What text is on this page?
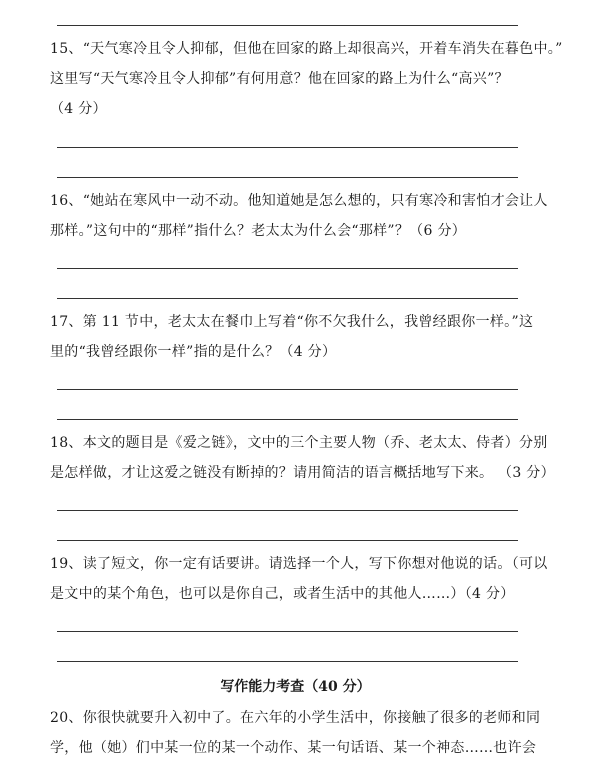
15、“天气寒冷且令人抑郁，但他在回家的路上却很高兴，开着车消失在暮色中。”
这里写“天气寒冷且令人抑郁”有何用意？他在回家的路上为什么“高兴”？
（4 分）
16、“她站在寒风中一动不动。他知道她是怎么想的，只有寒冷和害怕才会让人
那样。”这句中的“那样”指什么？老太太为什么会“那样”？（6 分）
17、第 11 节中，老太太在餐巾上写着“你不欠我什么，我曾经跟你一样。”这
里的“我曾经跟你一样”指的是什么？（4 分）
18、本文的题目是《爱之链》，文中的三个主要人物（乔、老太太、侍者）分别
是怎样做，才让这爱之链没有断掉的？请用简洁的语言概括地写下来。 （3 分）
19、读了短文，你一定有话要讲。请选择一个人，写下你想对他说的话。（可以
是文中的某个角色，也可以是你自己，或者生活中的其他人……）（4 分）
写作能力考查（40 分）
20、你很快就要升入初中了。在六年的小学生活中，你接触了很多的老师和同
学，他（她）们中某一位的某一个动作、某一句话语、某一个神态……也许会
